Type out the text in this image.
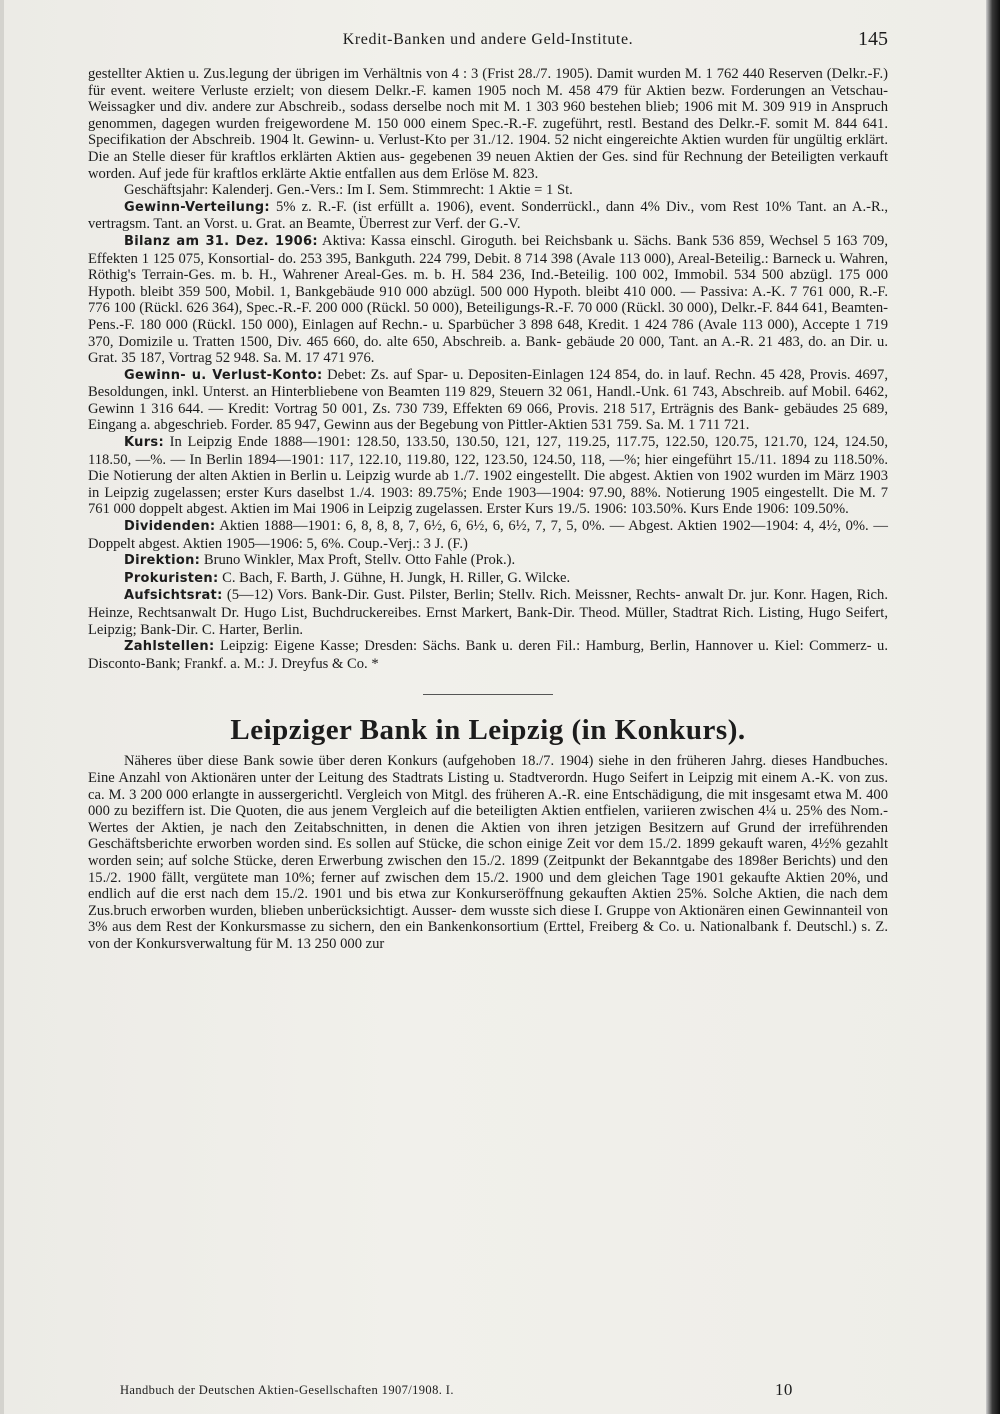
Kredit-Banken und andere Geld-Institute.	145

gestellter Aktien u. Zus.legung der übrigen im Verhältnis von 4 : 3 (Frist 28./7. 1905). Damit wurden M. 1 762 440 Reserven (Delkr.-F.) für event. weitere Verluste erzielt; von diesem Delkr.-F. kamen 1905 noch M. 458 479 für Aktien bezw. Forderungen an Vetschau-Weissagker und div. andere zur Abschreib., sodass derselbe noch mit M. 1 303 960 bestehen blieb; 1906 mit M. 309 919 in Anspruch genommen, dagegen wurden freigewordene M. 150 000 einem Spec.-R.-F. zugeführt, restl. Bestand des Delkr.-F. somit M. 844 641. Specifikation der Abschreib. 1904 lt. Gewinn- u. Verlust-Kto per 31./12. 1904. 52 nicht eingereichte Aktien wurden für ungültig erklärt. Die an Stelle dieser für kraftlos erklärten Aktien aus- gegebenen 39 neuen Aktien der Ges. sind für Rechnung der Beteiligten verkauft worden. Auf jede für kraftlos erklärte Aktie entfallen aus dem Erlöse M. 823.

Geschäftsjahr: Kalenderj. Gen.-Vers.: Im I. Sem. Stimmrecht: 1 Aktie = 1 St.

Gewinn-Verteilung: 5% z. R.-F. (ist erfüllt a. 1906), event. Sonderrückl., dann 4% Div., vom Rest 10% Tant. an A.-R., vertragsm. Tant. an Vorst. u. Grat. an Beamte, Überrest zur Verf. der G.-V.

Bilanz am 31. Dez. 1906: Aktiva: Kassa einschl. Giroguth. bei Reichsbank u. Sächs. Bank 536 859, Wechsel 5 163 709, Effekten 1 125 075, Konsortial- do. 253 395, Bankguth. 224 799, Debit. 8 714 398 (Avale 113 000), Areal-Beteilig.: Barneck u. Wahren, Röthig's Terrain-Ges. m. b. H., Wahrener Areal-Ges. m. b. H. 584 236, Ind.-Beteilig. 100 002, Immobil. 534 500 abzügl. 175 000 Hypoth. bleibt 359 500, Mobil. 1, Bankgebäude 910 000 abzügl. 500 000 Hypoth. bleibt 410 000. — Passiva: A.-K. 7 761 000, R.-F. 776 100 (Rückl. 626 364), Spec.-R.-F. 200 000 (Rückl. 50 000), Beteiligungs-R.-F. 70 000 (Rückl. 30 000), Delkr.-F. 844 641, Beamten-Pens.-F. 180 000 (Rückl. 150 000), Einlagen auf Rechn.- u. Sparbücher 3 898 648, Kredit. 1 424 786 (Avale 113 000), Accepte 1 719 370, Domizile u. Tratten 1500, Div. 465 660, do. alte 650, Abschreib. a. Bank- gebäude 20 000, Tant. an A.-R. 21 483, do. an Dir. u. Grat. 35 187, Vortrag 52 948. Sa. M. 17 471 976.

Gewinn- u. Verlust-Konto: Debet: Zs. auf Spar- u. Depositen-Einlagen 124 854, do. in lauf. Rechn. 45 428, Provis. 4697, Besoldungen, inkl. Unterst. an Hinterbliebene von Beamten 119 829, Steuern 32 061, Handl.-Unk. 61 743, Abschreib. auf Mobil. 6462, Gewinn 1 316 644. — Kredit: Vortrag 50 001, Zs. 730 739, Effekten 69 066, Provis. 218 517, Erträgnis des Bank- gebäudes 25 689, Eingang a. abgeschrieb. Forder. 85 947, Gewinn aus der Begebung von Pittler-Aktien 531 759. Sa. M. 1 711 721.

Kurs: In Leipzig Ende 1888—1901: 128.50, 133.50, 130.50, 121, 127, 119.25, 117.75, 122.50, 120.75, 121.70, 124, 124.50, 118.50, —%. — In Berlin 1894—1901: 117, 122.10, 119.80, 122, 123.50, 124.50, 118, —%; hier eingeführt 15./11. 1894 zu 118.50%. Die Notierung der alten Aktien in Berlin u. Leipzig wurde ab 1./7. 1902 eingestellt. Die abgest. Aktien von 1902 wurden im März 1903 in Leipzig zugelassen; erster Kurs daselbst 1./4. 1903: 89.75%; Ende 1903—1904: 97.90, 88%. Notierung 1905 eingestellt. Die M. 7 761 000 doppelt abgest. Aktien im Mai 1906 in Leipzig zugelassen. Erster Kurs 19./5. 1906: 103.50%. Kurs Ende 1906: 109.50%.

Dividenden: Aktien 1888—1901: 6, 8, 8, 8, 7, 6½, 6, 6½, 6, 6½, 7, 7, 5, 0%. — Abgest. Aktien 1902—1904: 4, 4½, 0%. — Doppelt abgest. Aktien 1905—1906: 5, 6%. Coup.-Verj.: 3 J. (F.)

Direktion: Bruno Winkler, Max Proft, Stellv. Otto Fahle (Prok.).

Prokuristen: C. Bach, F. Barth, J. Gühne, H. Jungk, H. Riller, G. Wilcke.

Aufsichtsrat: (5—12) Vors. Bank-Dir. Gust. Pilster, Berlin; Stellv. Rich. Meissner, Rechts- anwalt Dr. jur. Konr. Hagen, Rich. Heinze, Rechtsanwalt Dr. Hugo List, Buchdruckereibes. Ernst Markert, Bank-Dir. Theod. Müller, Stadtrat Rich. Listing, Hugo Seifert, Leipzig; Bank-Dir. C. Harter, Berlin.

Zahlstellen: Leipzig: Eigene Kasse; Dresden: Sächs. Bank u. deren Fil.: Hamburg, Berlin, Hannover u. Kiel: Commerz- u. Disconto-Bank; Frankf. a. M.: J. Dreyfus & Co. *

Leipziger Bank in Leipzig (in Konkurs).

Näheres über diese Bank sowie über deren Konkurs (aufgehoben 18./7. 1904) siehe in den früheren Jahrg. dieses Handbuches. Eine Anzahl von Aktionären unter der Leitung des Stadtrats Listing u. Stadtverordn. Hugo Seifert in Leipzig mit einem A.-K. von zus. ca. M. 3 200 000 erlangte in aussergerichtl. Vergleich von Mitgl. des früheren A.-R. eine Entschädigung, die mit insgesamt etwa M. 400 000 zu beziffern ist. Die Quoten, die aus jenem Vergleich auf die beteiligten Aktien entfielen, variieren zwischen 4¼ u. 25% des Nom.-Wertes der Aktien, je nach den Zeitabschnitten, in denen die Aktien von ihren jetzigen Besitzern auf Grund der irreführenden Geschäftsberichte erworben worden sind. Es sollen auf Stücke, die schon einige Zeit vor dem 15./2. 1899 gekauft waren, 4½% gezahlt worden sein; auf solche Stücke, deren Erwerbung zwischen den 15./2. 1899 (Zeitpunkt der Bekanntgabe des 1898er Berichts) und den 15./2. 1900 fällt, vergütete man 10%; ferner auf zwischen dem 15./2. 1900 und dem gleichen Tage 1901 gekaufte Aktien 20%, und endlich auf die erst nach dem 15./2. 1901 und bis etwa zur Konkurseröffnung gekauften Aktien 25%. Solche Aktien, die nach dem Zus.bruch erworben wurden, blieben unberücksichtigt. Ausser- dem wusste sich diese I. Gruppe von Aktionären einen Gewinnanteil von 3% aus dem Rest der Konkursmasse zu sichern, den ein Bankenkonsortium (Erttel, Freiberg & Co. u. Nationalbank f. Deutschl.) s. Z. von der Konkursverwaltung für M. 13 250 000 zur

Handbuch der Deutschen Aktien-Gesellschaften 1907/1908. I.	10
